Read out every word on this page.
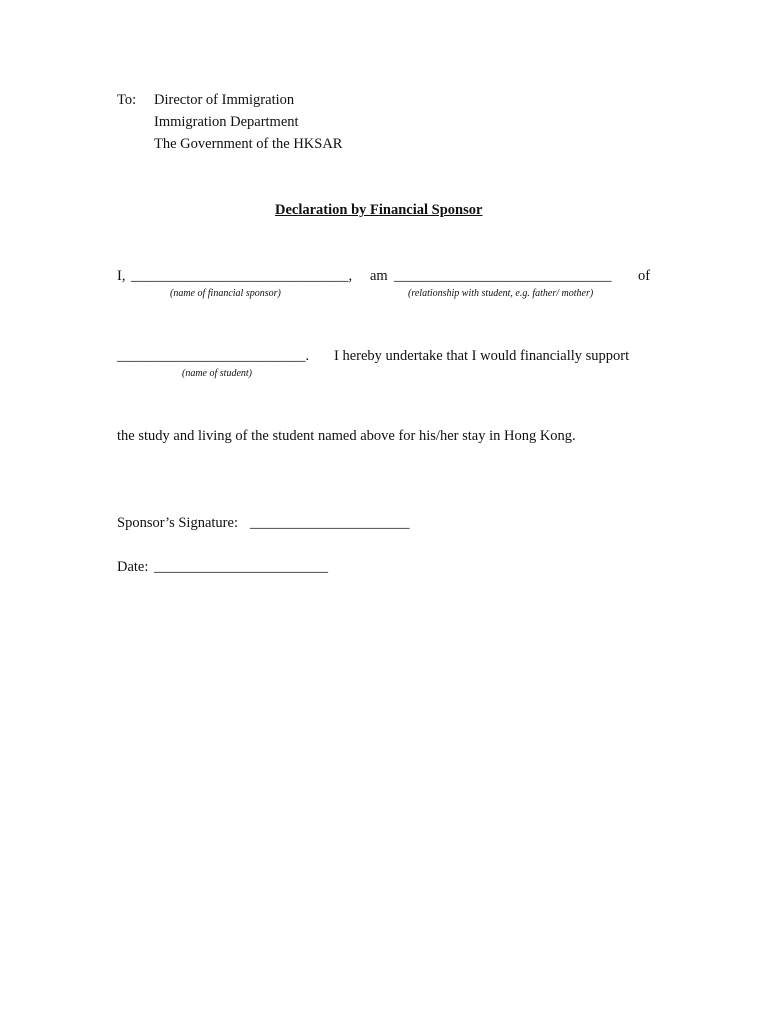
To: Director of Immigration
Immigration Department
The Government of the HKSAR
Declaration by Financial Sponsor
I, ______________________________, am ______________________________ of
(name of financial sponsor)	(relationship with student, e.g. father/ mother)
__________________________. I hereby undertake that I would financially support
(name of student)
the study and living of the student named above for his/her stay in Hong Kong.
Sponsor’s Signature: ______________________
Date: ________________________
